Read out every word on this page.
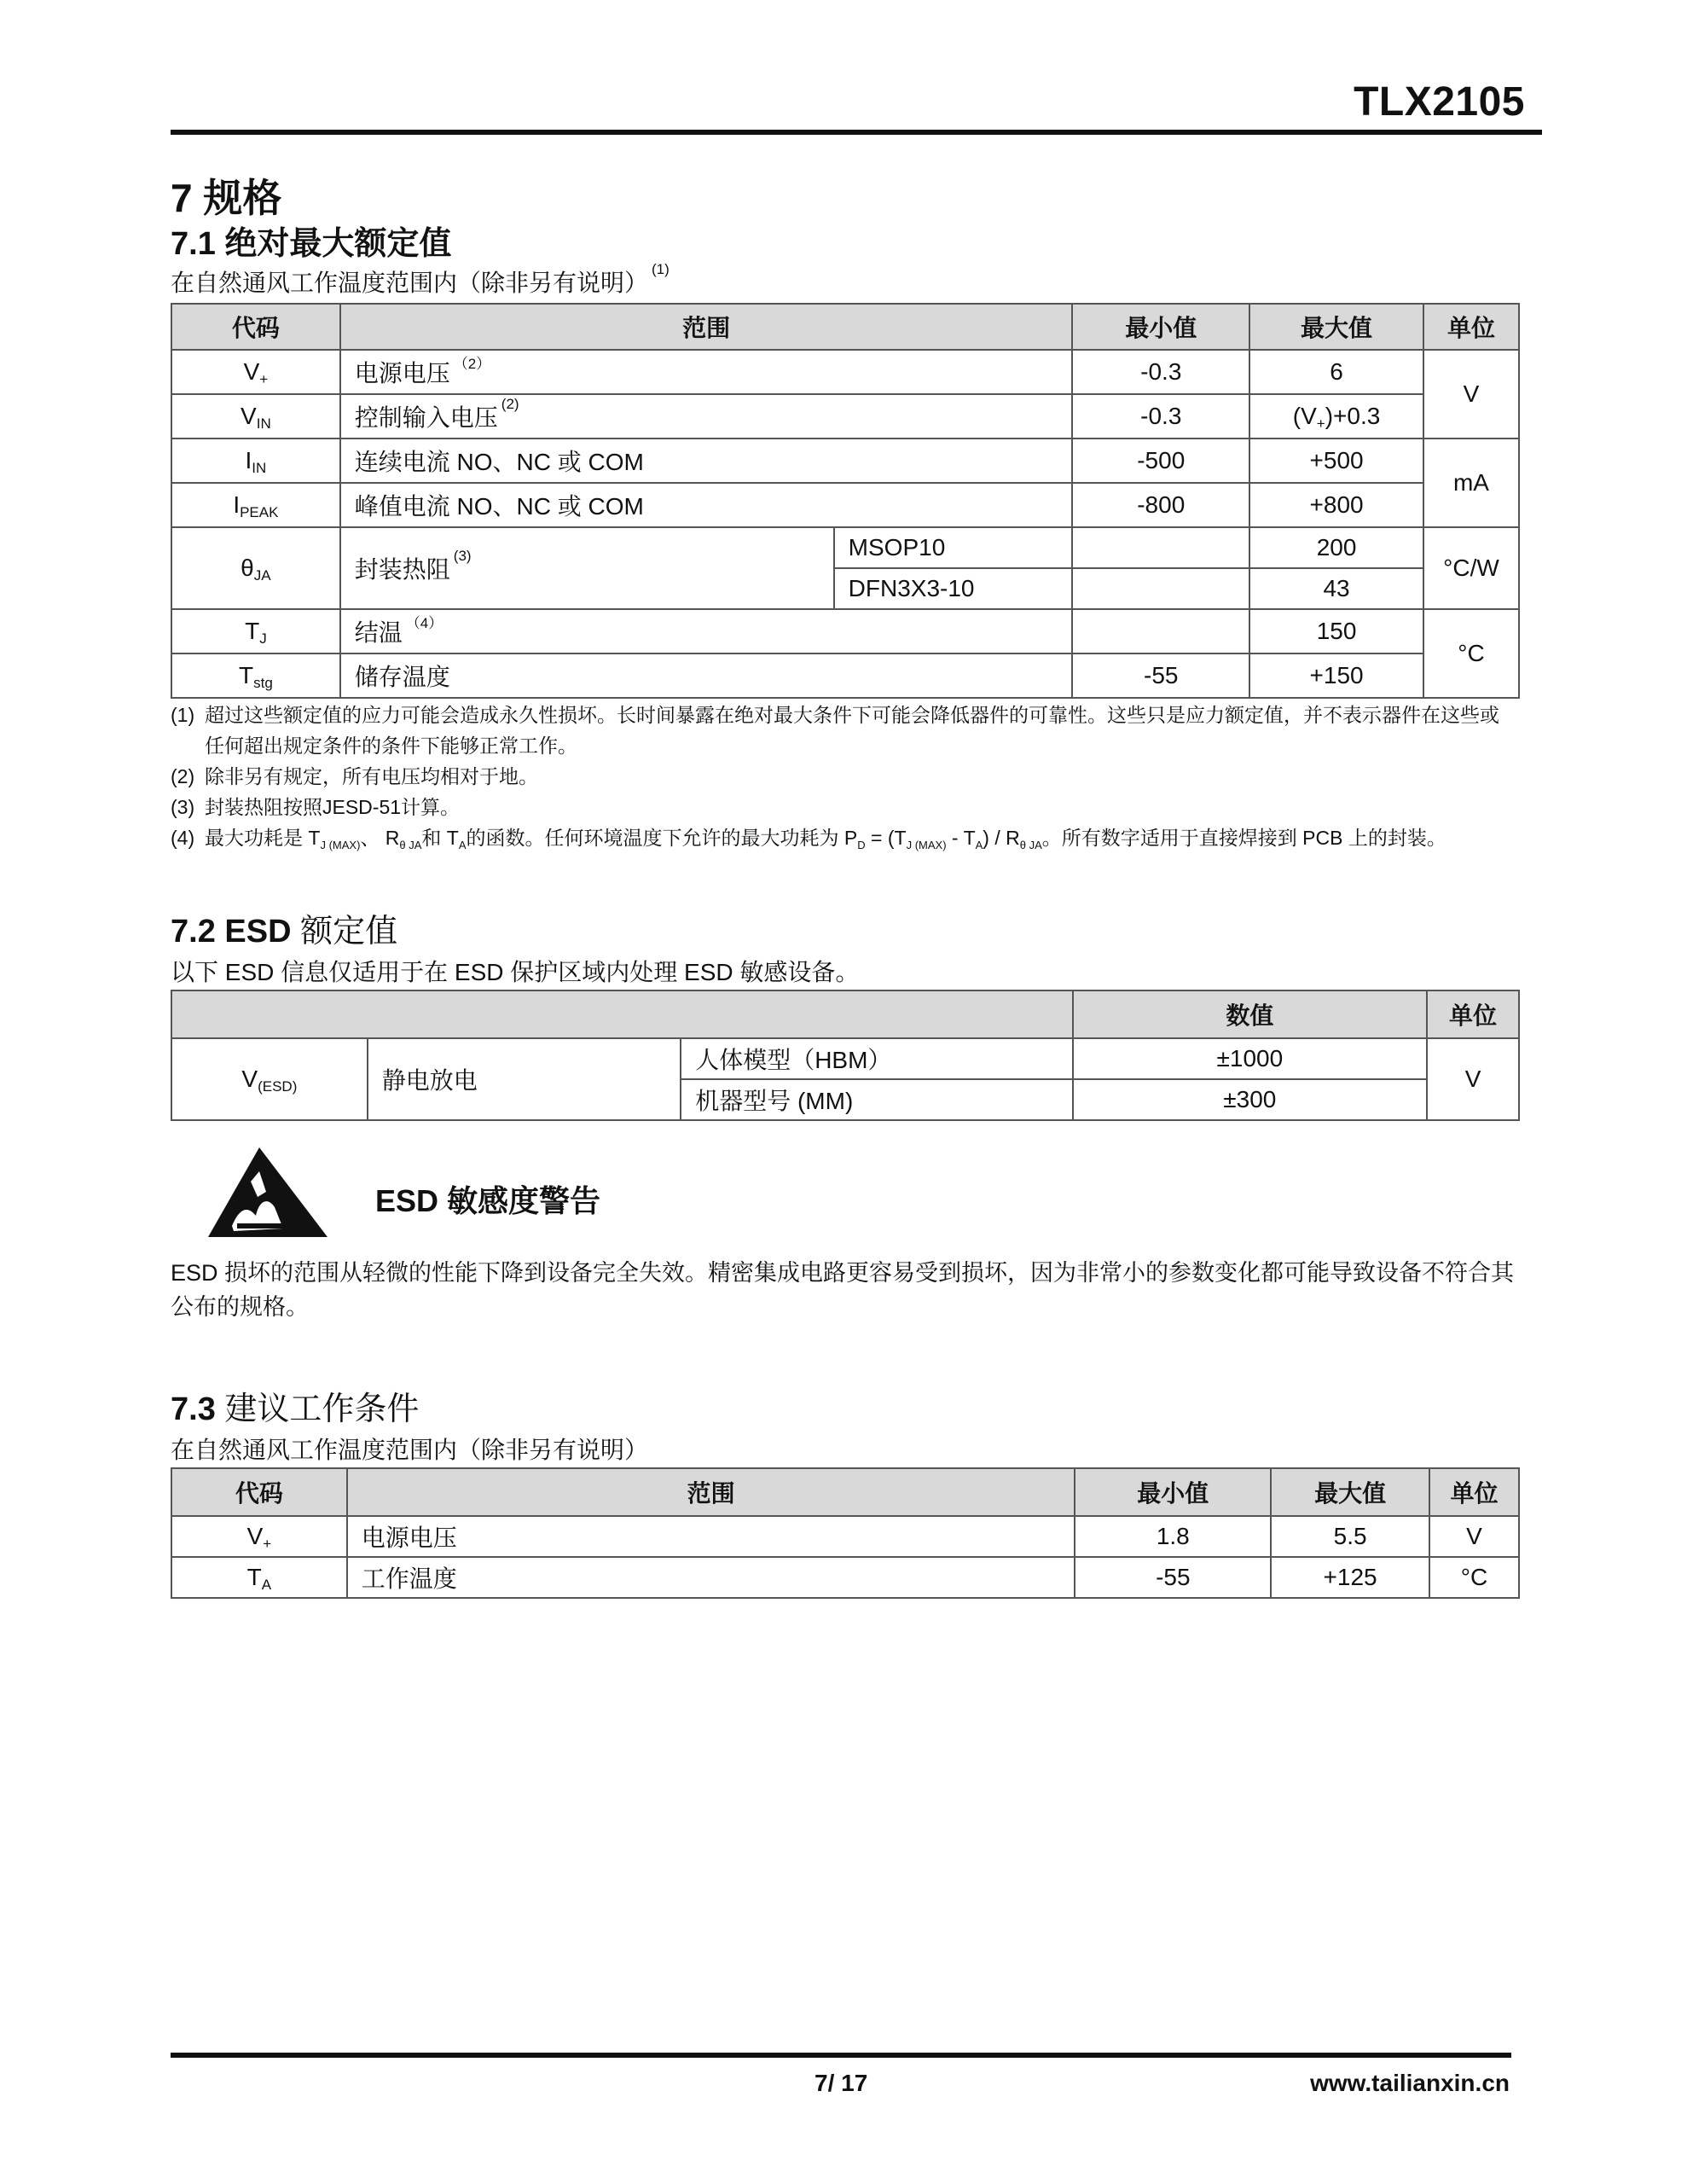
TLX2105
7 规格
7.1 绝对最大额定值
在自然通风工作温度范围内（除非另有说明）$^{(1)}$
代码	范围		最小值	最大值	单位
$V_+$	电源电压 $^{(2)}$		-0.3	6	V
$V_{IN}$	控制输入电压$^{(2)}$		-0.3	$(V_+)+0.3$	
$I_{IN}$	连续电流 NO、NC 或 COM		-500	+500	mA
$I_{PEAK}$	峰值电流 NO、NC 或 COM		-800	+800	
$\theta_{JA}$	封装热阻$^{(3)}$	MSOP10		200	°C/W
		DFN3X3-10		43	
$T_J$	结温 $^{(4)}$			150	°C
$T_{stg}$	储存温度		-55	+150	
(1) 超过这些额定值的应力可能会造成永久性损坏。长时间暴露在绝对最大条件下可能会降低器件的可靠性。这些只是应力额定值，并不表示器件在这些或任何超出规定条件的条件下能够正常工作。
(2) 除非另有规定，所有电压均相对于地。
(3) 封装热阻按照JESD-51计算。
(4) 最大功耗是 $T_{J (MAX)}$、 $R_{\theta JA}$和 $T_A$的函数。任何环境温度下允许的最大功耗为 $P_D = (T_{J (MAX)} - T_A) / R_{\theta JA}$。所有数字适用于直接焊接到 PCB 上的封装。
7.2 ESD 额定值
以下 ESD 信息仅适用于在 ESD 保护区域内处理 ESD 敏感设备。
			数值	单位
$V_{(ESD)}$	静电放电	人体模型（HBM）	±1000	V
		机器型号 (MM)	±300	
ESD 敏感度警告
ESD 损坏的范围从轻微的性能下降到设备完全失效。精密集成电路更容易受到损坏，因为非常小的参数变化都可能导致设备不符合其公布的规格。
7.3 建议工作条件
在自然通风工作温度范围内（除非另有说明）
代码	范围	最小值	最大值	单位
$V_+$	电源电压	1.8	5.5	V
$T_A$	工作温度	-55	+125	°C
7/ 17	www.tailianxin.cn
